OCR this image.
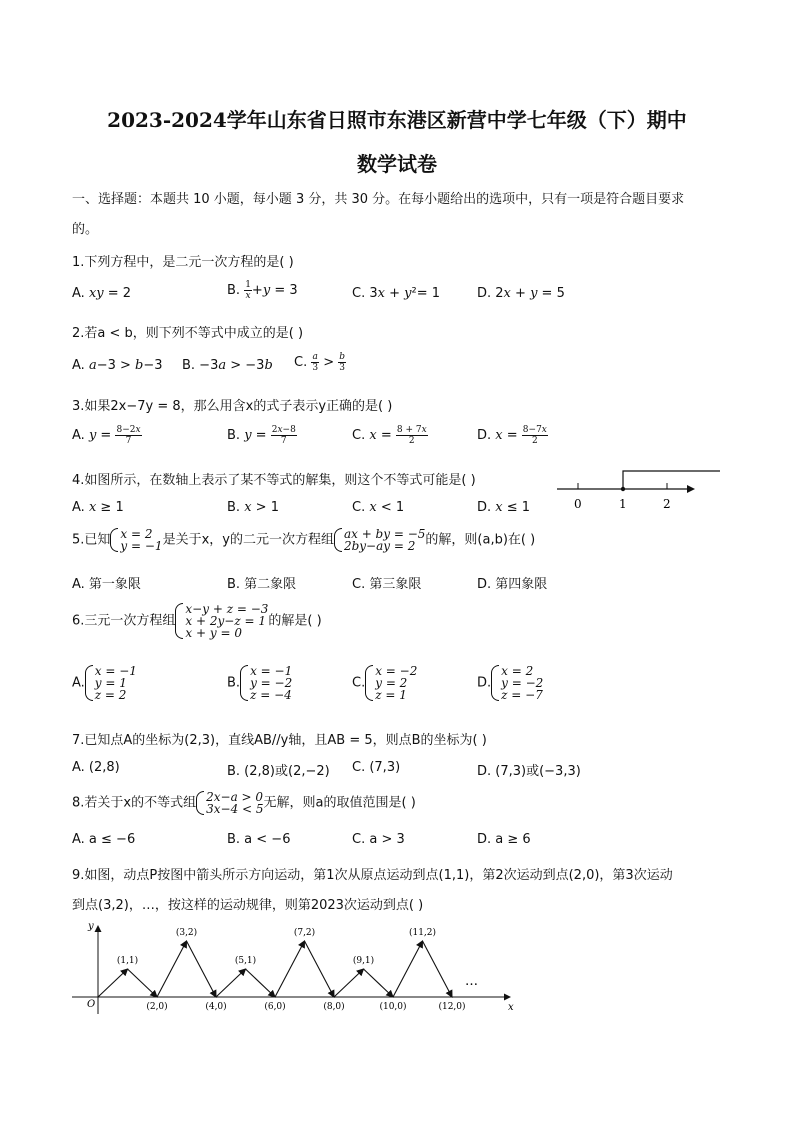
2023-2024学年山东省日照市东港区新营中学七年级（下）期中
数学试卷
一、选择题：本题共 10 小题，每小题 3 分，共 30 分。在每小题给出的选项中，只有一项是符合题目要求
的。
1.下列方程中，是二元一次方程的是( )
A. xy = 2	B. $\frac{1}{x} +y = 3$	C. 3x + y²= 1	D. 2x + y = 5
2.若a < b，则下列不等式中成立的是( )
A. a−3 > b−3 B. −3a > −3b C. $\frac{a}{3} > \frac{b}{3}$
3.如果2x−7y = 8，那么用含x的式子表示y正确的是( )
A. $y = \frac{8-2x}{7}$	B. $y = \frac{2x-8}{7}$	C. $x = \frac{8 + 7x}{2}$	D. $x = \frac{8-7x}{2}$
4.如图所示，在数轴上表示了某不等式的解集，则这个不等式可能是( )
A. x ≥ 1	B. x > 1	C. x < 1	D. x ≤ 1	0	1	2
5.已知 x = 2
y = −1 是关于x，y的二元一次方程组 ax + by = −5
2by−ay = 2 的解，则(a,b)在( )
A. 第一象限	B. 第二象限	C. 第三象限	D. 第四象限
6.三元一次方程组
x−y + z = −3
x + 2y−z = 1
x + y = 0
的解是( )
A.
x = −1
y = 1
z = 2
B.
x = −1
y = −2
z = −4
C.
x = −2
y = 2
z = 1
D.
x = 2
y = −2
z = −7
7.已知点A的坐标为(2,3)，直线AB//y轴，且AB = 5，则点B的坐标为( )
A. (2,8)	B. (2,8)或(2,−2) C. (7,3)	D. (7,3)或(−3,3)
8.若关于x的不等式组 2x−a > 0
3x−4 < 5 无解，则a的取值范围是( )
A. a ≤ −6	B. a < −6	C. a > 3	D. a ≥ 6
9.如图，动点P按图中箭头所示方向运动，第1次从原点运动到点(1,1)，第2次运动到点(2,0)，第3次运动
到点(3,2)，…，按这样的运动规律，则第2023次运动到点( )
y
x
O
(1,1)
(2,0)
(3,2)
(4,0)
(5,1)
(6,0)
(7,2)
(8,0)
(9,1)
(10,0)
(11,2)
(12,0)
…
